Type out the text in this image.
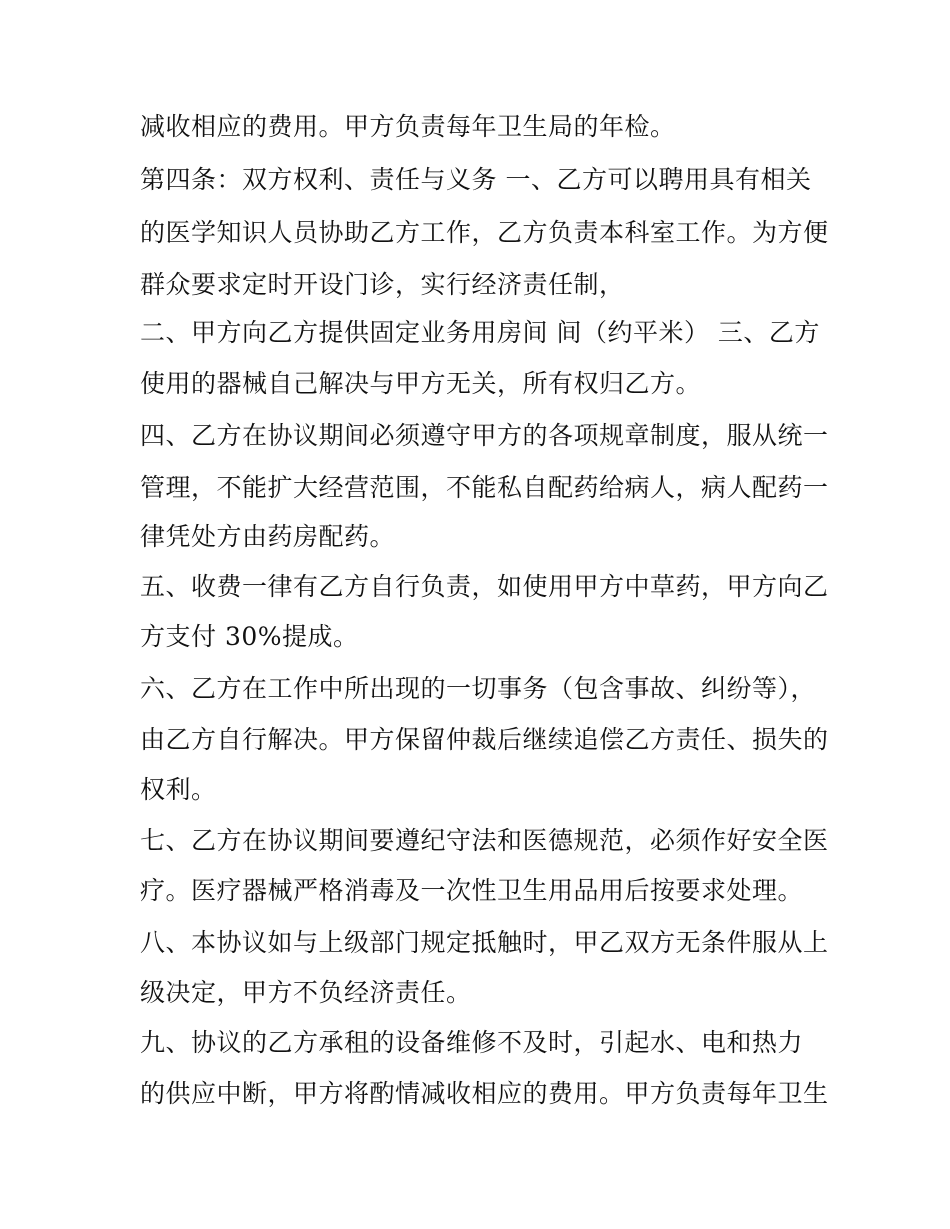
减收相应的费用。甲方负责每年卫生局的年检。
第四条：双方权利、责任与义务 一、乙方可以聘用具有相关
的医学知识人员协助乙方工作，乙方负责本科室工作。为方便
群众要求定时开设门诊，实行经济责任制，
二、甲方向乙方提供固定业务用房间 间（约平米） 三、乙方
使用的器械自己解决与甲方无关，所有权归乙方。
四、乙方在协议期间必须遵守甲方的各项规章制度，服从统一
管理，不能扩大经营范围，不能私自配药给病人，病人配药一
律凭处方由药房配药。
五、收费一律有乙方自行负责，如使用甲方中草药，甲方向乙
方支付 30%提成。
六、乙方在工作中所出现的一切事务（包含事故、纠纷等），
由乙方自行解决。甲方保留仲裁后继续追偿乙方责任、损失的
权利。
七、乙方在协议期间要遵纪守法和医德规范，必须作好安全医
疗。医疗器械严格消毒及一次性卫生用品用后按要求处理。
八、本协议如与上级部门规定抵触时，甲乙双方无条件服从上
级决定，甲方不负经济责任。
九、协议的乙方承租的设备维修不及时，引起水、电和热力
的供应中断，甲方将酌情减收相应的费用。甲方负责每年卫生
